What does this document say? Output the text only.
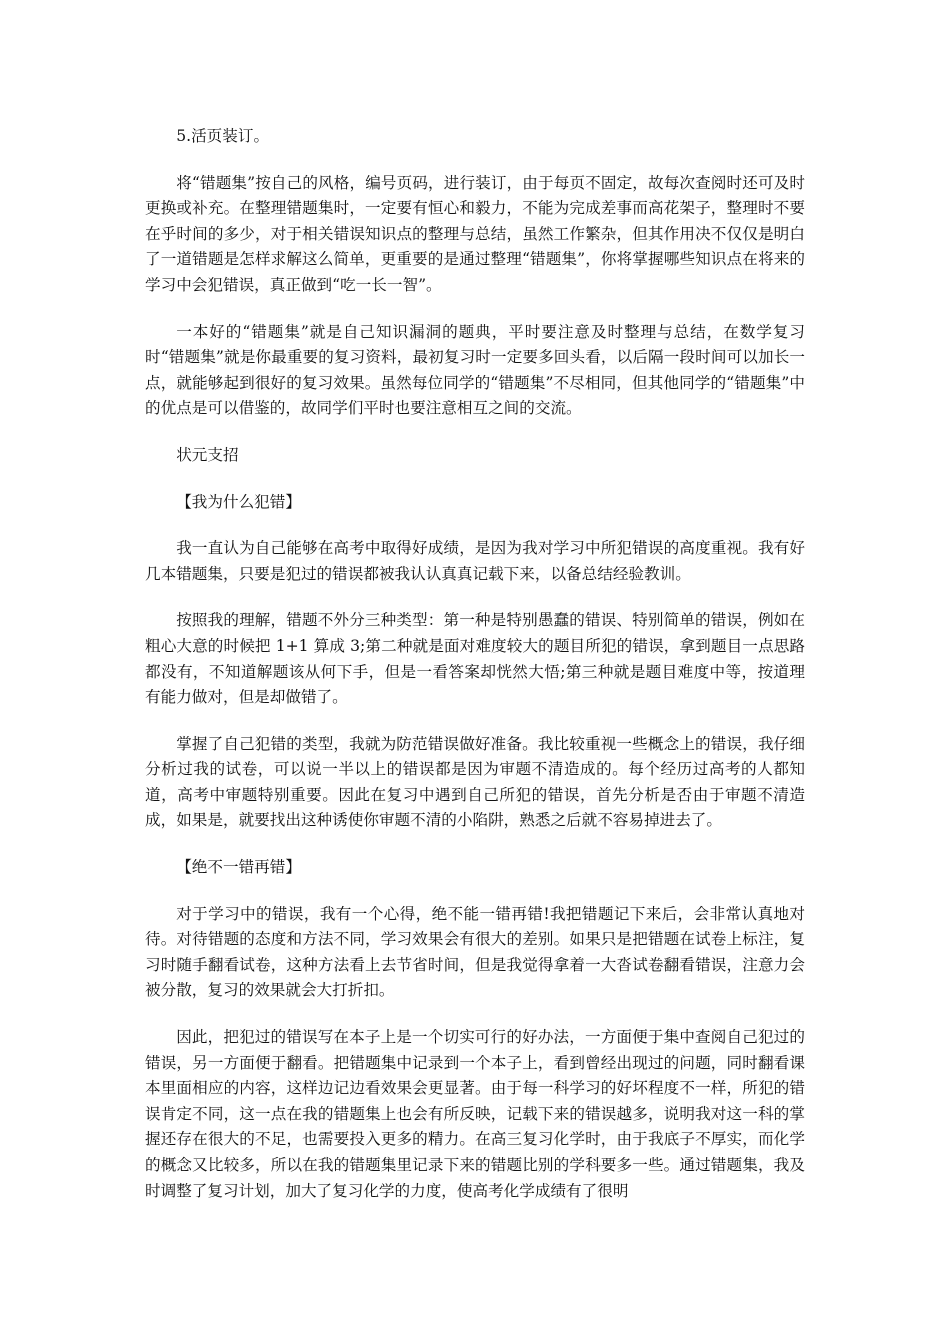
5.活页装订。

将“错题集”按自己的风格，编号页码，进行装订，由于每页不固定，故每次查阅时还可及时更换或补充。在整理错题集时，一定要有恒心和毅力，不能为完成差事而高花架子，整理时不要在乎时间的多少，对于相关错误知识点的整理与总结，虽然工作繁杂，但其作用决不仅仅是明白了一道错题是怎样求解这么简单，更重要的是通过整理“错题集”，你将掌握哪些知识点在将来的学习中会犯错误，真正做到“吃一长一智”。

一本好的“错题集”就是自己知识漏洞的题典，平时要注意及时整理与总结，在数学复习时“错题集”就是你最重要的复习资料，最初复习时一定要多回头看，以后隔一段时间可以加长一点，就能够起到很好的复习效果。虽然每位同学的“错题集”不尽相同，但其他同学的“错题集”中的优点是可以借鉴的，故同学们平时也要注意相互之间的交流。

状元支招

【我为什么犯错】

我一直认为自己能够在高考中取得好成绩，是因为我对学习中所犯错误的高度重视。我有好几本错题集，只要是犯过的错误都被我认认真真记载下来，以备总结经验教训。

按照我的理解，错题不外分三种类型：第一种是特别愚蠢的错误、特别简单的错误，例如在粗心大意的时候把 1+1 算成 3;第二种就是面对难度较大的题目所犯的错误，拿到题目一点思路都没有，不知道解题该从何下手，但是一看答案却恍然大悟;第三种就是题目难度中等，按道理有能力做对，但是却做错了。

掌握了自己犯错的类型，我就为防范错误做好准备。我比较重视一些概念上的错误，我仔细分析过我的试卷，可以说一半以上的错误都是因为审题不清造成的。每个经历过高考的人都知道，高考中审题特别重要。因此在复习中遇到自己所犯的错误，首先分析是否由于审题不清造成，如果是，就要找出这种诱使你审题不清的小陷阱，熟悉之后就不容易掉进去了。

【绝不一错再错】

对于学习中的错误，我有一个心得，绝不能一错再错!我把错题记下来后，会非常认真地对待。对待错题的态度和方法不同，学习效果会有很大的差别。如果只是把错题在试卷上标注，复习时随手翻看试卷，这种方法看上去节省时间，但是我觉得拿着一大沓试卷翻看错误，注意力会被分散，复习的效果就会大打折扣。

因此，把犯过的错误写在本子上是一个切实可行的好办法，一方面便于集中查阅自己犯过的错误，另一方面便于翻看。把错题集中记录到一个本子上，看到曾经出现过的问题，同时翻看课本里面相应的内容，这样边记边看效果会更显著。由于每一科学习的好坏程度不一样，所犯的错误肯定不同，这一点在我的错题集上也会有所反映，记载下来的错误越多，说明我对这一科的掌握还存在很大的不足，也需要投入更多的精力。在高三复习化学时，由于我底子不厚实，而化学的概念又比较多，所以在我的错题集里记录下来的错题比别的学科要多一些。通过错题集，我及时调整了复习计划，加大了复习化学的力度，使高考化学成绩有了很明
